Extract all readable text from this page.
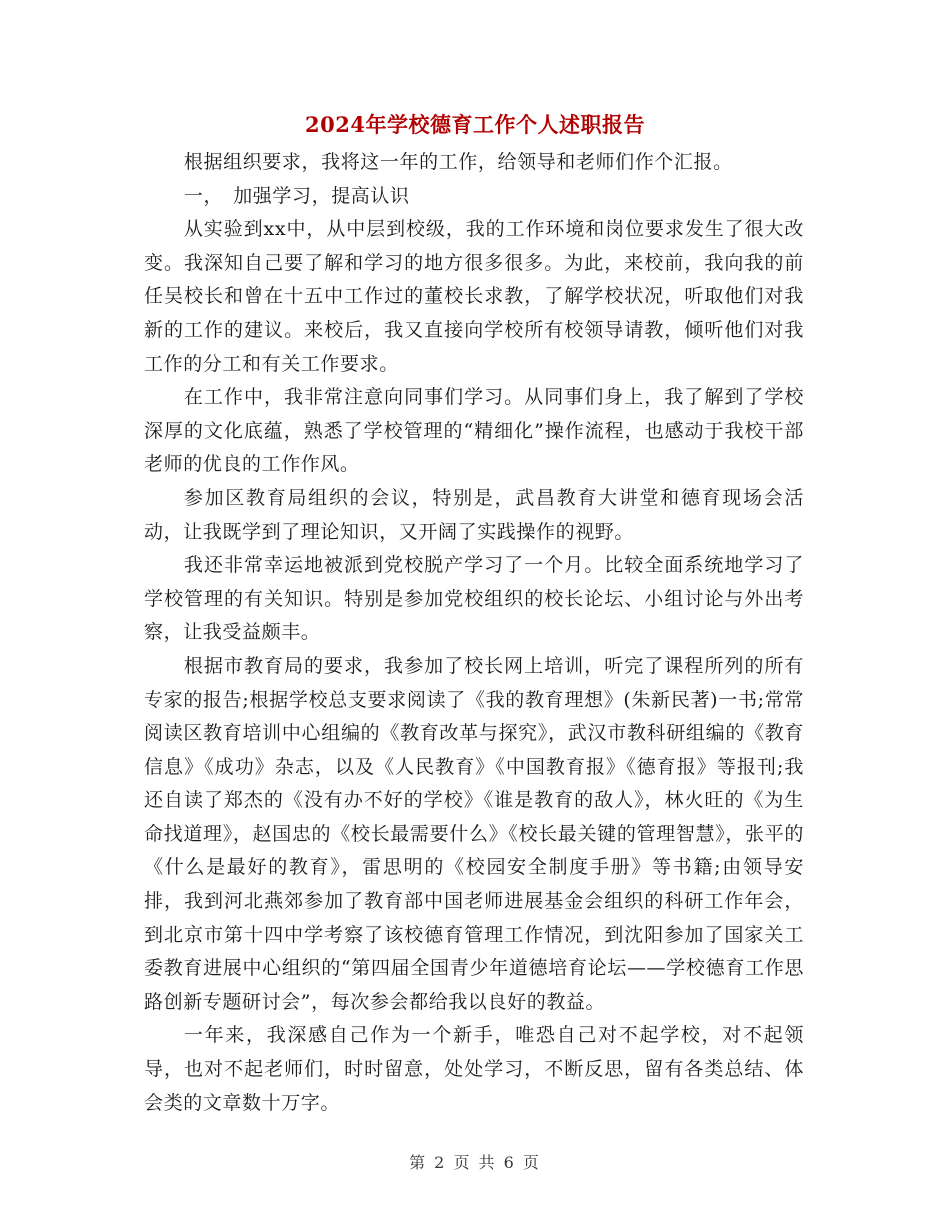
2024年学校德育工作个人述职报告

根据组织要求，我将这一年的工作，给领导和老师们作个汇报。

一，　加强学习，提高认识

从实验到xx中，从中层到校级，我的工作环境和岗位要求发生了很大改变。我深知自己要了解和学习的地方很多很多。为此，来校前，我向我的前任吴校长和曾在十五中工作过的董校长求教，了解学校状况，听取他们对我新的工作的建议。来校后，我又直接向学校所有校领导请教，倾听他们对我工作的分工和有关工作要求。

在工作中，我非常注意向同事们学习。从同事们身上，我了解到了学校深厚的文化底蕴，熟悉了学校管理的“精细化”操作流程，也感动于我校干部老师的优良的工作作风。

参加区教育局组织的会议，特别是，武昌教育大讲堂和德育现场会活动，让我既学到了理论知识，又开阔了实践操作的视野。

我还非常幸运地被派到党校脱产学习了一个月。比较全面系统地学习了学校管理的有关知识。特别是参加党校组织的校长论坛、小组讨论与外出考察，让我受益颇丰。

根据市教育局的要求，我参加了校长网上培训，听完了课程所列的所有专家的报告;根据学校总支要求阅读了《我的教育理想》(朱新民著)一书;常常阅读区教育培训中心组编的《教育改革与探究》，武汉市教科研组编的《教育信息》《成功》杂志，以及《人民教育》《中国教育报》《德育报》等报刊;我还自读了郑杰的《没有办不好的学校》《谁是教育的敌人》，林火旺的《为生命找道理》，赵国忠的《校长最需要什么》《校长最关键的管理智慧》，张平的《什么是最好的教育》，雷思明的《校园安全制度手册》等书籍;由领导安排，我到河北燕郊参加了教育部中国老师进展基金会组织的科研工作年会，到北京市第十四中学考察了该校德育管理工作情况，到沈阳参加了国家关工委教育进展中心组织的“第四届全国青少年道德培育论坛——学校德育工作思路创新专题研讨会”，每次参会都给我以良好的教益。

一年来，我深感自己作为一个新手，唯恐自己对不起学校，对不起领导，也对不起老师们，时时留意，处处学习，不断反思，留有各类总结、体会类的文章数十万字。

第 2 页 共 6 页
